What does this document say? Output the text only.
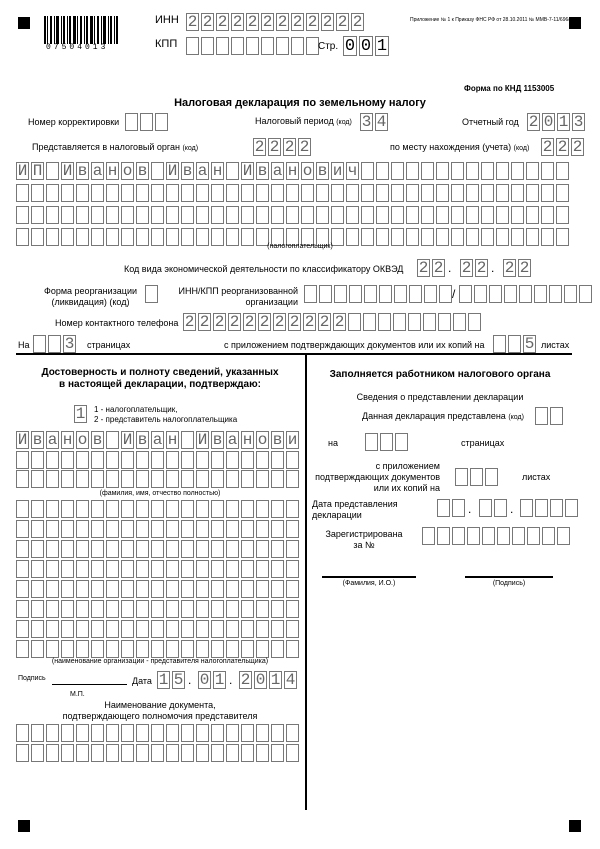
07504013
ИНН 2 2 2 2 2 2 2 2 2 2 2 2
КПП	Стр. 0 0 1
Приложение № 1 к Приказу ФНС РФ от 28.10.2011 № ММВ-7-11/696@
Форма по КНД 1153005
Налоговая декларация по земельному налогу
Номер корректировки	Налоговый период (код) 3 4	Отчетный год 2 0 1 3
Представляется в налоговый орган (код)	2 2 2 2	по месту нахождения (учета) (код) 2 2 2
И П И в а н о в И в а н И в а н о в и ч
(налогоплательщик)
Код вида экономической деятельности по классификатору ОКВЭД 2 2 . 2 2 . 2 2
Форма реорганизации
(ликвидация) (код)
ИНН/КПП реорганизованной
организации
/
Номер контактного телефона 2 2 2 2 2 2 2 2 2 2 2
На 3 страницах	с приложением подтверждающих документов или их копий на	5 листах
Достоверность и полноту сведений, указанных
в настоящей декларации, подтверждаю:
1 1 - налогоплательщик,
2 - представитель налогоплательщика
И в а н о в И в а н И в а н о в и
(фамилия, имя, отчество полностью)
(наименование организации - представителя налогоплательщика)
Подпись	Дата 1 5 . 0 1 . 2 0 1 4
М.П.
Наименование документа,
подтверждающего полномочия представителя
Заполняется работником налогового органа
Сведения о представлении декларации
Данная декларация представлена (код)
на	страницах
с приложением
подтверждающих документов
или их копий на
листах
Дата представления
декларации	.	.
Зарегистрирована
за №
(Фамилия, И.О.)	(Подпись)
